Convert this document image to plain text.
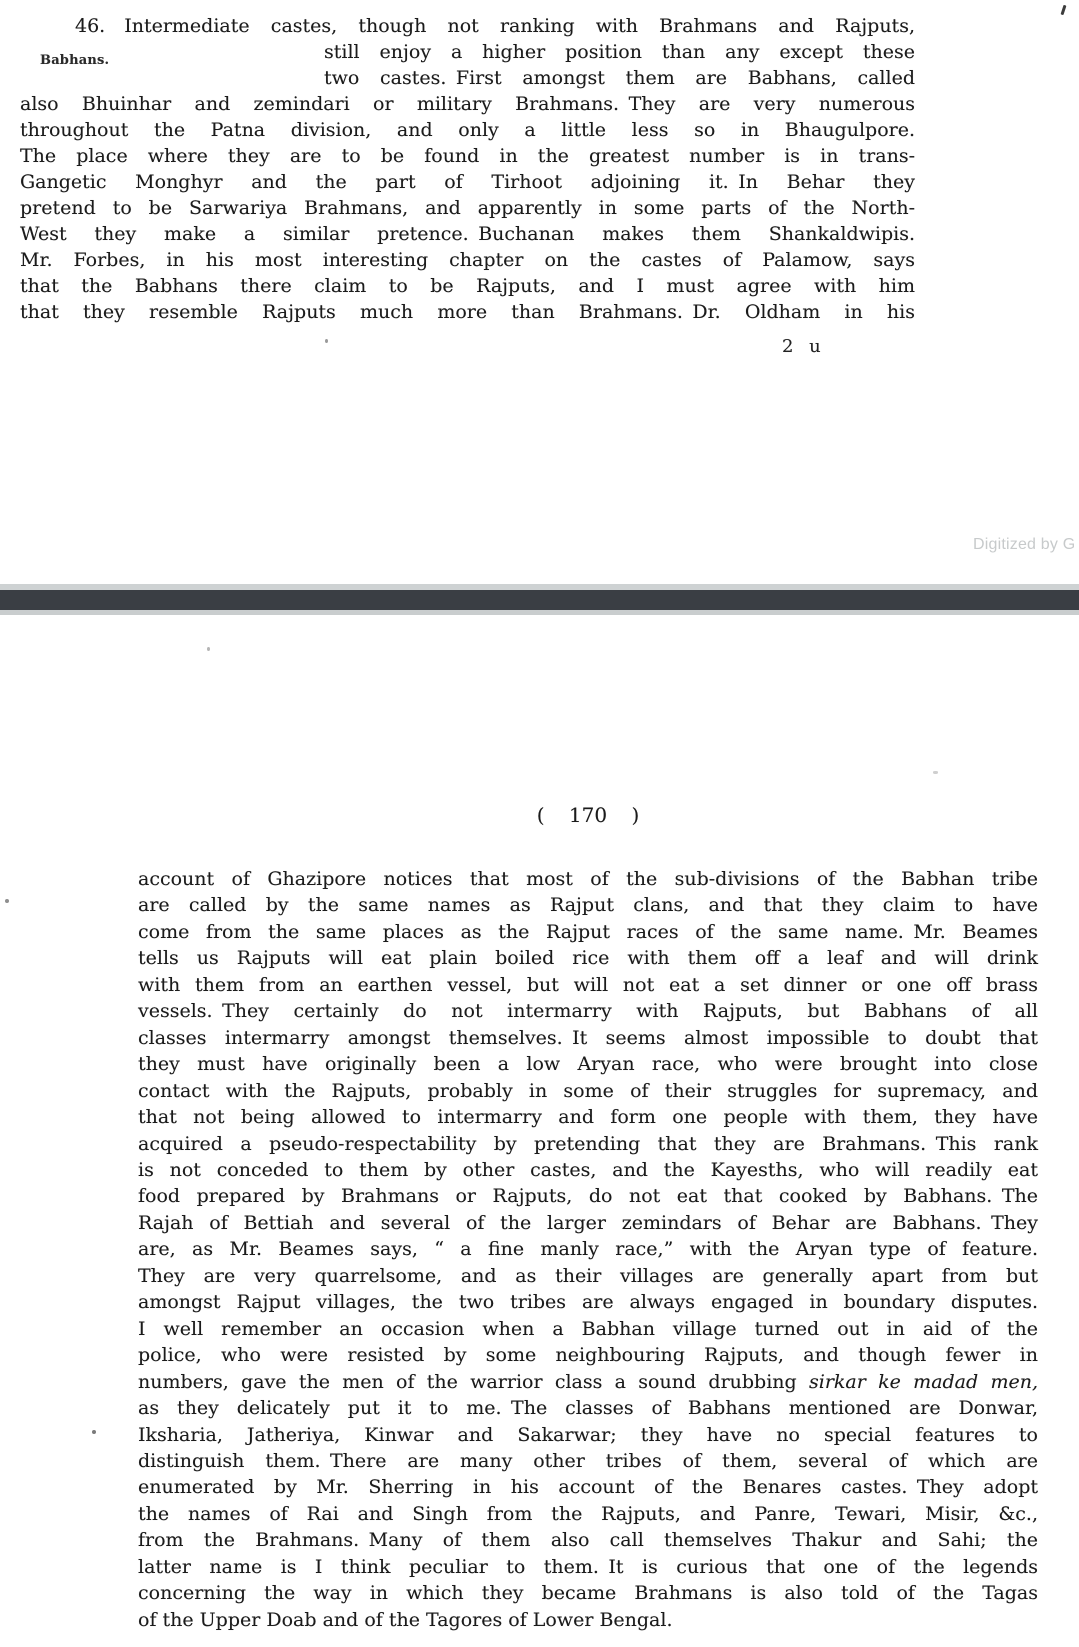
Babhans.
46. Intermediate castes, though not ranking with Brahmans and Rajputs,
still enjoy a higher position than any except these
two castes. First amongst them are Babhans, called
also Bhuinhar and zemindari or military Brahmans. They are very numerous
throughout the Patna division, and only a little less so in Bhaugulpore.
The place where they are to be found in the greatest number is in trans-
Gangetic Monghyr and the part of Tirhoot adjoining it. In Behar they
pretend to be Sarwariya Brahmans, and apparently in some parts of the North-
West they make a similar pretence. Buchanan makes them Shankaldwipis.
Mr. Forbes, in his most interesting chapter on the castes of Palamow, says
that the Babhans there claim to be Rajputs, and I must agree with him
that they resemble Rajputs much more than Brahmans. Dr. Oldham in his
2 u
Digitized by G
( 170 )
account of Ghazipore notices that most of the sub-divisions of the Babhan tribe
are called by the same names as Rajput clans, and that they claim to have
come from the same places as the Rajput races of the same name. Mr. Beames
tells us Rajputs will eat plain boiled rice with them off a leaf and will drink
with them from an earthen vessel, but will not eat a set dinner or one off brass
vessels. They certainly do not intermarry with Rajputs, but Babhans of all
classes intermarry amongst themselves. It seems almost impossible to doubt that
they must have originally been a low Aryan race, who were brought into close
contact with the Rajputs, probably in some of their struggles for supremacy, and
that not being allowed to intermarry and form one people with them, they have
acquired a pseudo-respectability by pretending that they are Brahmans. This rank
is not conceded to them by other castes, and the Kayesths, who will readily eat
food prepared by Brahmans or Rajputs, do not eat that cooked by Babhans. The
Rajah of Bettiah and several of the larger zemindars of Behar are Babhans. They
are, as Mr. Beames says, “ a fine manly race,” with the Aryan type of feature.
They are very quarrelsome, and as their villages are generally apart from but
amongst Rajput villages, the two tribes are always engaged in boundary disputes.
I well remember an occasion when a Babhan village turned out in aid of the
police, who were resisted by some neighbouring Rajputs, and though fewer in
numbers, gave the men of the warrior class a sound drubbing sirkar ke madad men,
as they delicately put it to me. The classes of Babhans mentioned are Donwar,
Iksharia, Jatheriya, Kinwar and Sakarwar; they have no special features to
distinguish them. There are many other tribes of them, several of which are
enumerated by Mr. Sherring in his account of the Benares castes. They adopt
the names of Rai and Singh from the Rajputs, and Panre, Tewari, Misir, &c.,
from the Brahmans. Many of them also call themselves Thakur and Sahi; the
latter name is I think peculiar to them. It is curious that one of the legends
concerning the way in which they became Brahmans is also told of the Tagas
of the Upper Doab and of the Tagores of Lower Bengal.
